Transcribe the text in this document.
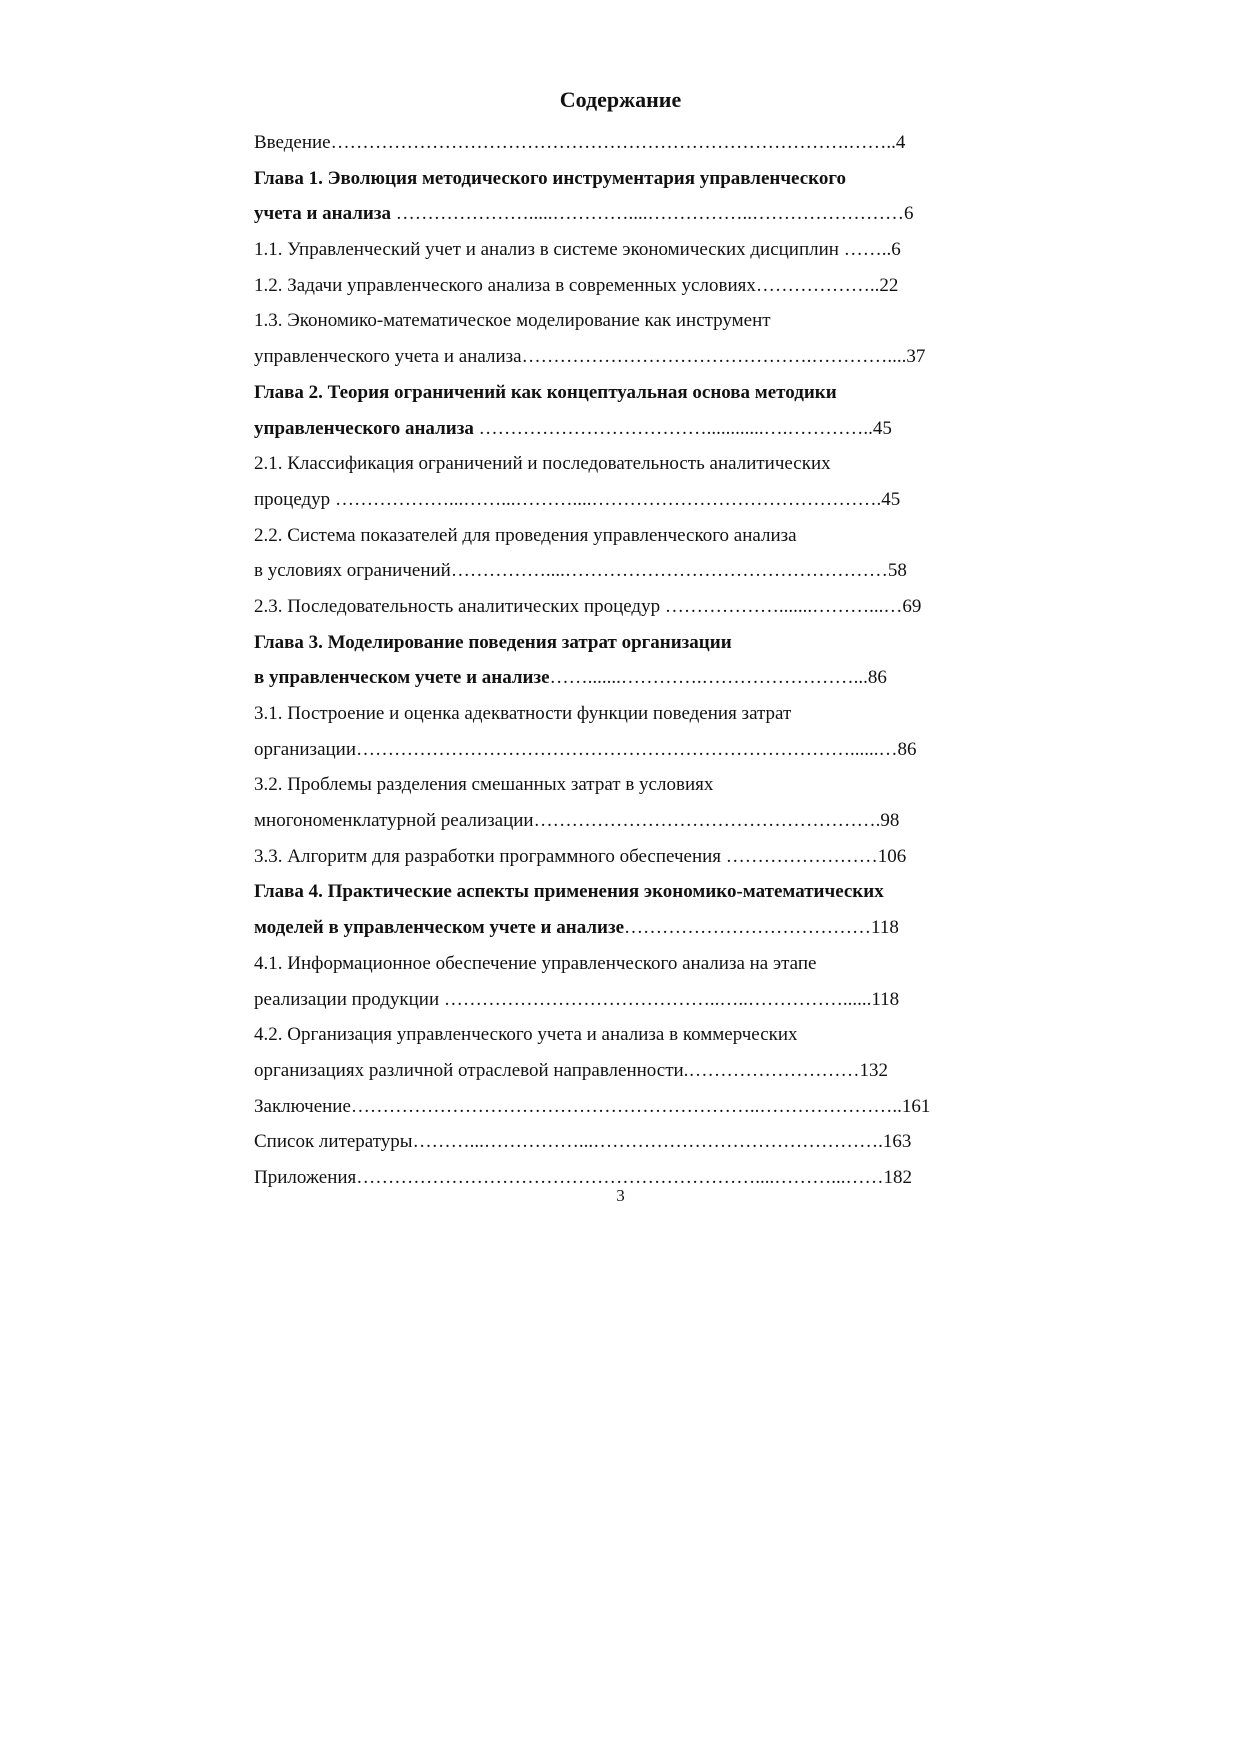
Содержание
Введение……………………………………………………………………….……..4
Глава 1. Эволюция методического инструментария управленческого
учета и анализа ………………….....…………....……………..……………………6
1.1. Управленческий учет и анализ в системе экономических дисциплин ……..6
1.2. Задачи управленческого анализа в современных условиях………………..22
1.3. Экономико-математическое моделирование как инструмент
управленческого учета и анализа……………………………………….…………....37
Глава 2. Теория ограничений как концептуальная основа методики
управленческого анализа ………………………………............….…………..45
2.1. Классификация ограничений и последовательность аналитических
процедур ………………...……...………....……………………………………….45
2.2. Система показателей для проведения управленческого анализа
в условиях ограничений……………....……………………………………………58
2.3. Последовательность аналитических процедур ……………….......………...…69
Глава 3. Моделирование поведения затрат организации
в управленческом учете и анализе…….......………….……………………...86
3.1. Построение и оценка адекватности функции поведения затрат
организации……………………………………………………………………......…86
3.2. Проблемы разделения смешанных затрат в условиях
многономенклатурной реализации……………………………………………….98
3.3. Алгоритм для разработки программного обеспечения ……………………106
Глава 4. Практические аспекты применения экономико-математических
моделей в управленческом учете и анализе…………………………………118
4.1. Информационное обеспечение управленческого анализа на этапе
реализации продукции ……………………………………..…..……………......118
4.2. Организация управленческого учета и анализа в коммерческих
организациях различной отраслевой направленности.………………………132
Заключение………………………………………………………..…………………..161
Список литературы………...……………...……………………………………….163
Приложения………………………………………………………....………...……182
3
